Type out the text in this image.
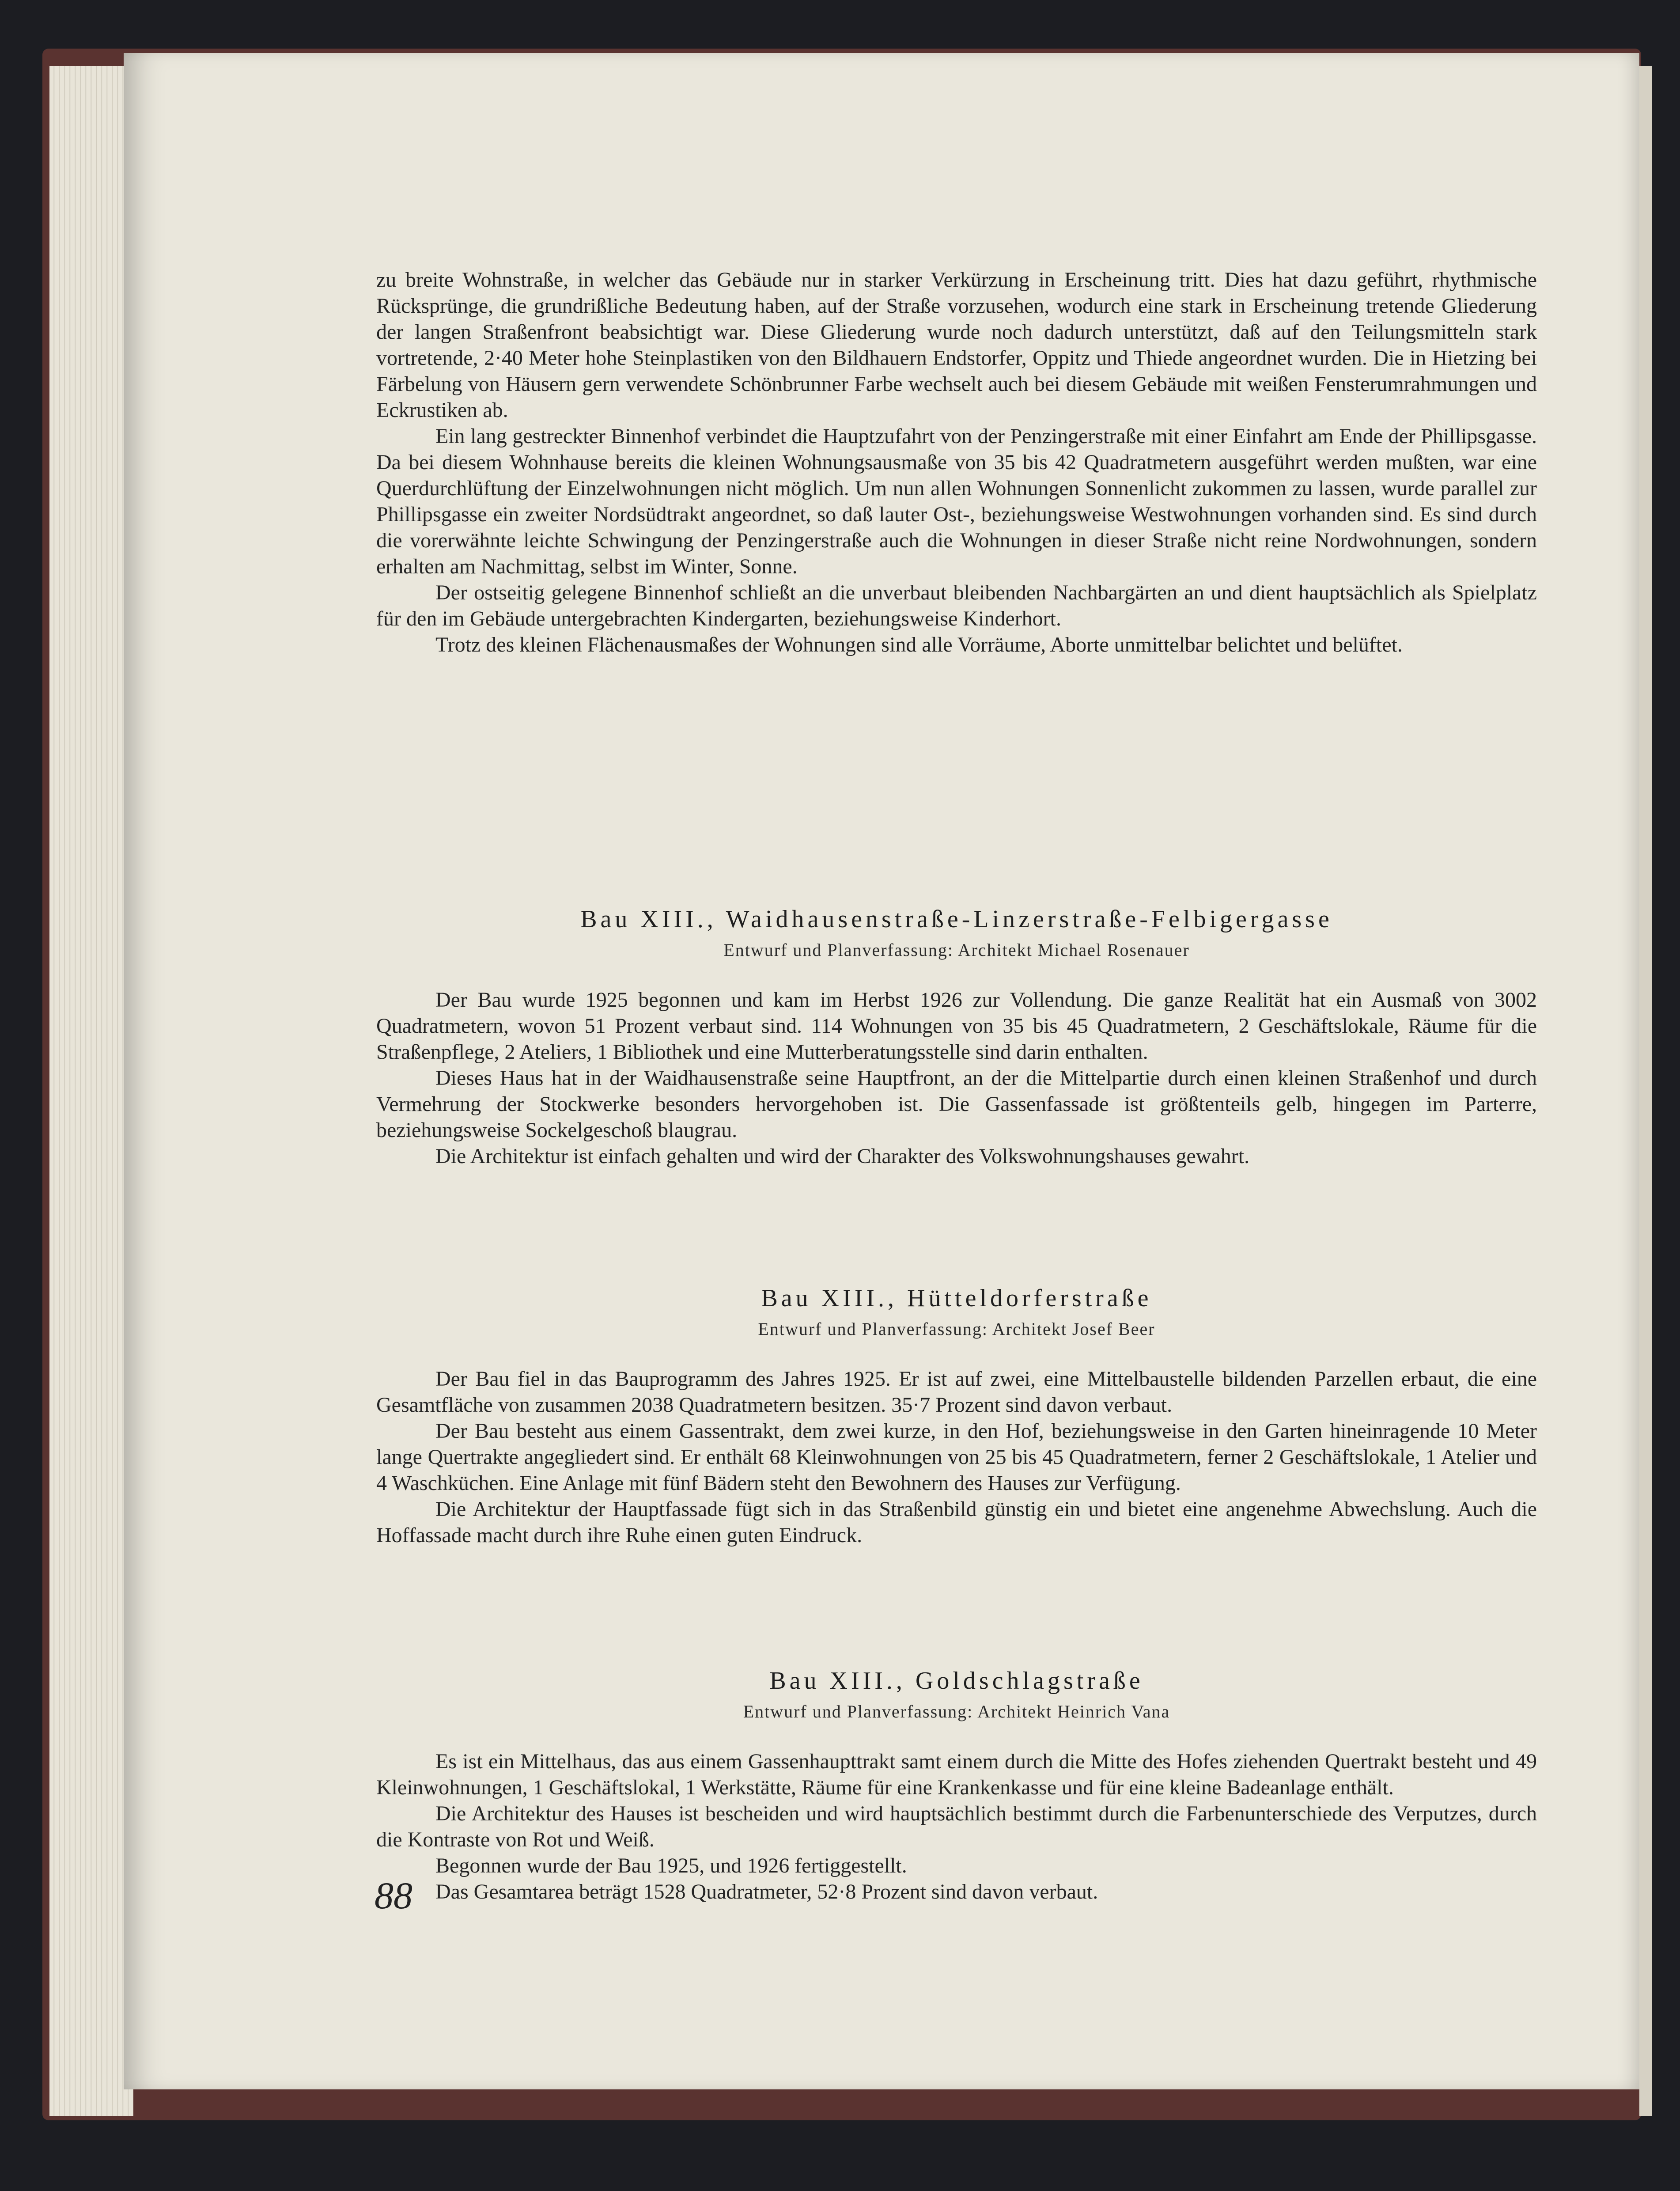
zu breite Wohnstraße, in welcher das Gebäude nur in starker Verkürzung in Erscheinung tritt. Dies hat dazu geführt, rhythmische Rücksprünge, die grundrißliche Bedeutung haben, auf der Straße vorzusehen, wodurch eine stark in Erscheinung tretende Gliederung der langen Straßenfront beabsichtigt war. Diese Gliederung wurde noch dadurch unterstützt, daß auf den Teilungsmitteln stark vortretende, 2·40 Meter hohe Steinplastiken von den Bildhauern Endstorfer, Oppitz und Thiede angeordnet wurden. Die in Hietzing bei Färbelung von Häusern gern verwendete Schönbrunner Farbe wechselt auch bei diesem Gebäude mit weißen Fensterumrahmungen und Eckrustiken ab.

Ein lang gestreckter Binnenhof verbindet die Hauptzufahrt von der Penzingerstraße mit einer Einfahrt am Ende der Phillipsgasse. Da bei diesem Wohnhause bereits die kleinen Wohnungsausmaße von 35 bis 42 Quadratmetern ausgeführt werden mußten, war eine Querdurchlüftung der Einzelwohnungen nicht möglich. Um nun allen Wohnungen Sonnenlicht zukommen zu lassen, wurde parallel zur Phillipsgasse ein zweiter Nordsüdtrakt angeordnet, so daß lauter Ost-, beziehungsweise Westwohnungen vorhanden sind. Es sind durch die vorerwähnte leichte Schwingung der Penzingerstraße auch die Wohnungen in dieser Straße nicht reine Nordwohnungen, sondern erhalten am Nachmittag, selbst im Winter, Sonne.

Der ostseitig gelegene Binnenhof schließt an die unverbaut bleibenden Nachbargärten an und dient hauptsächlich als Spielplatz für den im Gebäude untergebrachten Kindergarten, beziehungsweise Kinderhort.

Trotz des kleinen Flächenausmaßes der Wohnungen sind alle Vorräume, Aborte unmittelbar belichtet und belüftet.

Bau XIII., Waidhausenstraße-Linzerstraße-Felbigergasse
Entwurf und Planverfassung: Architekt Michael Rosenauer

Der Bau wurde 1925 begonnen und kam im Herbst 1926 zur Vollendung. Die ganze Realität hat ein Ausmaß von 3002 Quadratmetern, wovon 51 Prozent verbaut sind. 114 Wohnungen von 35 bis 45 Quadratmetern, 2 Geschäftslokale, Räume für die Straßenpflege, 2 Ateliers, 1 Bibliothek und eine Mutterberatungsstelle sind darin enthalten.

Dieses Haus hat in der Waidhausenstraße seine Hauptfront, an der die Mittelpartie durch einen kleinen Straßenhof und durch Vermehrung der Stockwerke besonders hervorgehoben ist. Die Gassenfassade ist größtenteils gelb, hingegen im Parterre, beziehungsweise Sockelgeschoß blaugrau.

Die Architektur ist einfach gehalten und wird der Charakter des Volkswohnungshauses gewahrt.

Bau XIII., Hütteldorferstraße
Entwurf und Planverfassung: Architekt Josef Beer

Der Bau fiel in das Bauprogramm des Jahres 1925. Er ist auf zwei, eine Mittelbaustelle bildenden Parzellen erbaut, die eine Gesamtfläche von zusammen 2038 Quadratmetern besitzen. 35·7 Prozent sind davon verbaut.

Der Bau besteht aus einem Gassentrakt, dem zwei kurze, in den Hof, beziehungsweise in den Garten hineinragende 10 Meter lange Quertrakte angegliedert sind. Er enthält 68 Kleinwohnungen von 25 bis 45 Quadratmetern, ferner 2 Geschäftslokale, 1 Atelier und 4 Waschküchen. Eine Anlage mit fünf Bädern steht den Bewohnern des Hauses zur Verfügung.

Die Architektur der Hauptfassade fügt sich in das Straßenbild günstig ein und bietet eine angenehme Abwechslung. Auch die Hoffassade macht durch ihre Ruhe einen guten Eindruck.

Bau XIII., Goldschlagstraße
Entwurf und Planverfassung: Architekt Heinrich Vana

Es ist ein Mittelhaus, das aus einem Gassenhaupttrakt samt einem durch die Mitte des Hofes ziehenden Quertrakt besteht und 49 Kleinwohnungen, 1 Geschäftslokal, 1 Werkstätte, Räume für eine Krankenkasse und für eine kleine Badeanlage enthält.

Die Architektur des Hauses ist bescheiden und wird hauptsächlich bestimmt durch die Farbenunterschiede des Verputzes, durch die Kontraste von Rot und Weiß.

Begonnen wurde der Bau 1925, und 1926 fertiggestellt.

Das Gesamtarea beträgt 1528 Quadratmeter, 52·8 Prozent sind davon verbaut.

88
